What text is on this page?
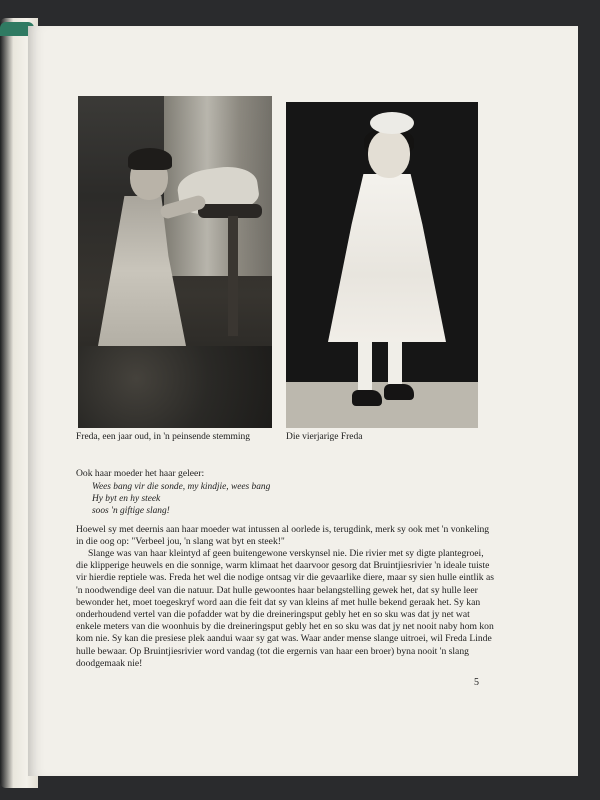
Freda, een jaar oud, in 'n peinsende stemming	Die vierjarige Freda
Ook haar moeder het haar geleer:
Wees bang vir die sonde, my kindjie, wees bang
Hy byt en hy steek
soos 'n giftige slang!
Hoewel sy met deernis aan haar moeder wat intussen al oorlede is, terugdink, merk sy ook met 'n vonkeling in die oog op: "Verbeel jou, 'n slang wat byt en steek!"
Slange was van haar kleintyd af geen buitengewone verskynsel nie. Die rivier met sy digte plantegroei, die klipperige heuwels en die sonnige, warm klimaat het daarvoor gesorg dat Bruintjiesrivier 'n ideale tuiste vir hierdie reptiele was. Freda het wel die nodige ontsag vir die gevaarlike diere, maar sy sien hulle eintlik as 'n noodwendige deel van die natuur. Dat hulle gewoontes haar belangstelling gewek het, dat sy hulle leer bewonder het, moet toegeskryf word aan die feit dat sy van kleins af met hulle bekend geraak het. Sy kan onderhoudend vertel van die pofadder wat by die dreineringsput gebly het en so sku was dat jy net wat enkele meters van die woonhuis by die dreineringsput gebly het en so sku was dat jy net nooit naby hom kon kom nie. Sy kan die presiese plek aandui waar sy gat was. Waar ander mense slange uitroei, wil Freda Linde hulle bewaar. Op Bruintjiesrivier word vandag (tot die ergernis van haar een broer) byna nooit 'n slang doodgemaak nie!
5
